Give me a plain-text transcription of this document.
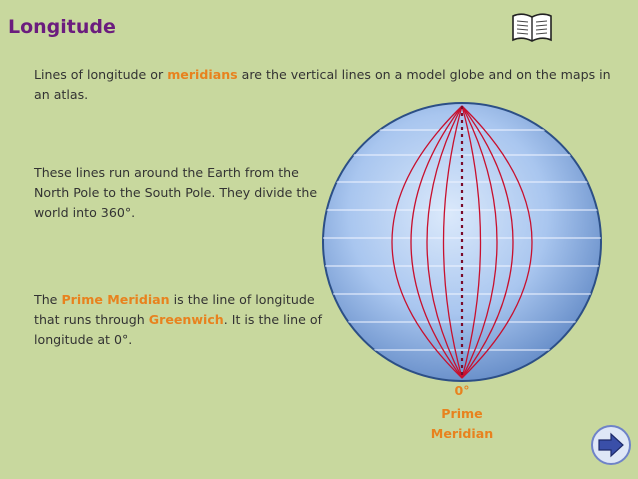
Longitude
Lines of longitude or meridians are the vertical lines on a model globe and on the maps in an atlas.
These lines run around the Earth from the North Pole to the South Pole. They divide the world into 360°.
The Prime Meridian is the line of longitude that runs through Greenwich. It is the line of longitude at 0°.
0°
Prime
Meridian
